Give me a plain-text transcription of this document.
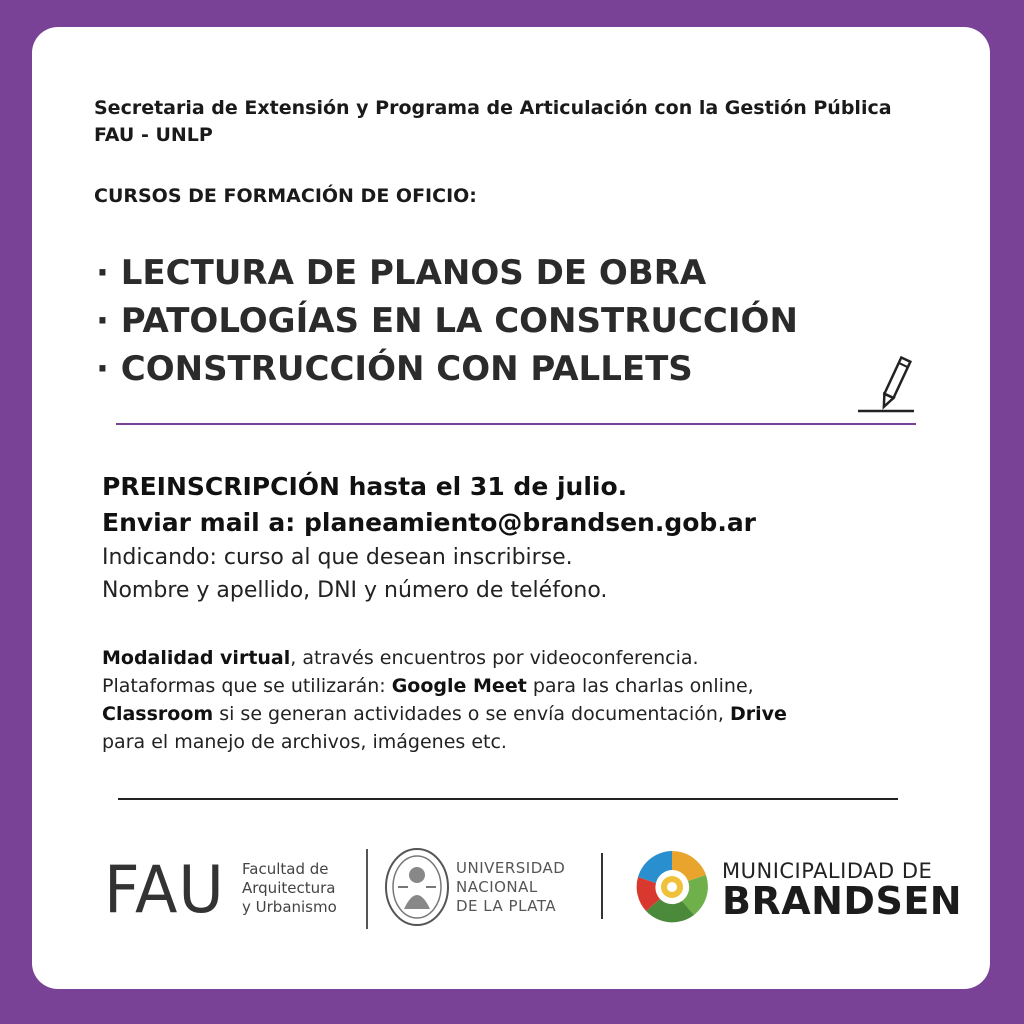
Secretaria de Extensión y Programa de Articulación con la Gestión Pública
FAU - UNLP
CURSOS DE FORMACIÓN DE OFICIO:
· LECTURA DE PLANOS DE OBRA
· PATOLOGÍAS EN LA CONSTRUCCIÓN
· CONSTRUCCIÓN CON PALLETS
PREINSCRIPCIÓN hasta el 31 de julio.
Enviar mail a: planeamiento@brandsen.gob.ar
Indicando: curso al que desean inscribirse.
Nombre y apellido, DNI y número de teléfono.
Modalidad virtual, através encuentros por videoconferencia.
Plataformas que se utilizarán: Google Meet para las charlas online,
Classroom si se generan actividades o se envía documentación, Drive
para el manejo de archivos, imágenes etc.
FAU Facultad de
Arquitectura
y Urbanismo
UNIVERSIDAD
NACIONAL
DE LA PLATA
MUNICIPALIDAD DE
BRANDSEN
